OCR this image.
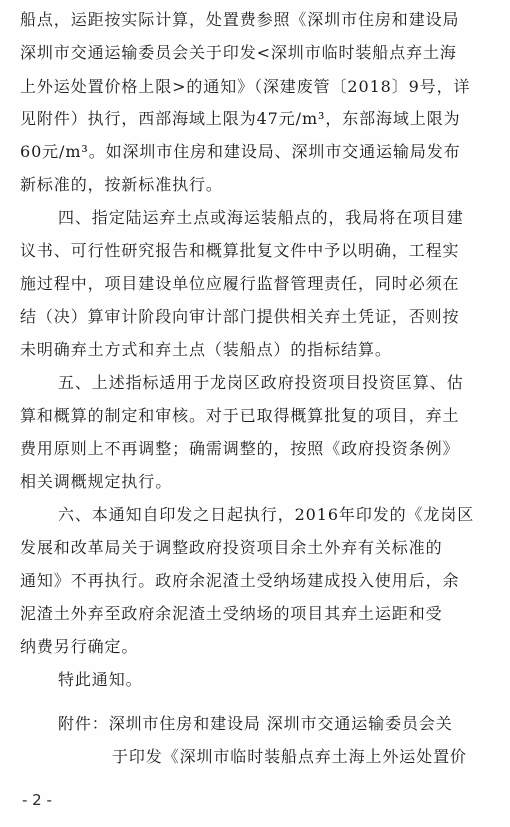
船点，运距按实际计算，处置费参照《深圳市住房和建设局
深圳市交通运输委员会关于印发<深圳市临时装船点弃土海
上外运处置价格上限>的通知》（深建废管〔2018〕9号，详
见附件）执行，西部海域上限为47元/m³，东部海域上限为
60元/m³。如深圳市住房和建设局、深圳市交通运输局发布
新标准的，按新标准执行。
四、指定陆运弃土点或海运装船点的，我局将在项目建
议书、可行性研究报告和概算批复文件中予以明确，工程实
施过程中，项目建设单位应履行监督管理责任，同时必须在
结（决）算审计阶段向审计部门提供相关弃土凭证，否则按
未明确弃土方式和弃土点（装船点）的指标结算。
五、上述指标适用于龙岗区政府投资项目投资匡算、估
算和概算的制定和审核。对于已取得概算批复的项目，弃土
费用原则上不再调整；确需调整的，按照《政府投资条例》
相关调概规定执行。
六、本通知自印发之日起执行，2016年印发的《龙岗区
发展和改革局关于调整政府投资项目余土外弃有关标准的
通知》不再执行。政府余泥渣土受纳场建成投入使用后，余
泥渣土外弃至政府余泥渣土受纳场的项目其弃土运距和受
纳费另行确定。
特此通知。
附件：深圳市住房和建设局 深圳市交通运输委员会关
于印发《深圳市临时装船点弃土海上外运处置价
- 2 -
